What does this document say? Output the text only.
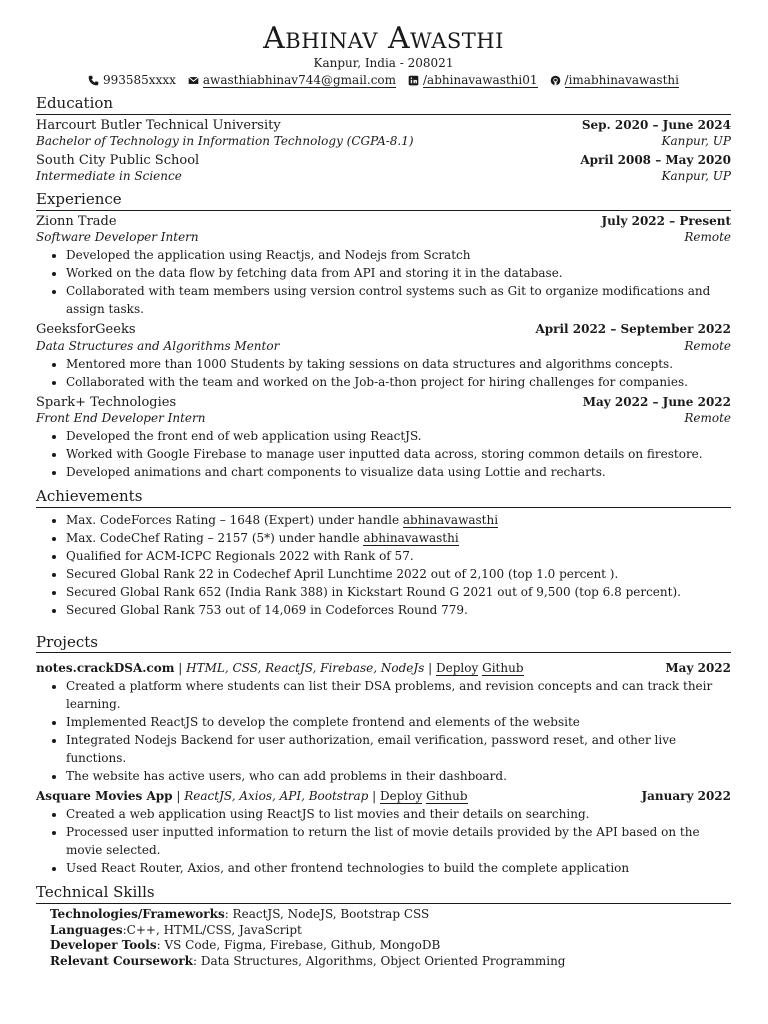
Abhinav Awasthi
Kanpur, India - 208021
993585xxxx awasthiabhinav744@gmail.com /abhinavawasthi01 /imabhinavawasthi
Education
Harcourt Butler Technical University	Sep. 2020 – June 2024
Bachelor of Technology in Information Technology (CGPA-8.1)	Kanpur, UP
South City Public School	April 2008 – May 2020
Intermediate in Science	Kanpur, UP
Experience
Zionn Trade	July 2022 – Present
Software Developer Intern	Remote
• Developed the application using Reactjs, and Nodejs from Scratch
• Worked on the data flow by fetching data from API and storing it in the database.
• Collaborated with team members using version control systems such as Git to organize modifications and assign tasks.
GeeksforGeeks	April 2022 – September 2022
Data Structures and Algorithms Mentor	Remote
• Mentored more than 1000 Students by taking sessions on data structures and algorithms concepts.
• Collaborated with the team and worked on the Job-a-thon project for hiring challenges for companies.
Spark+ Technologies	May 2022 – June 2022
Front End Developer Intern	Remote
• Developed the front end of web application using ReactJS.
• Worked with Google Firebase to manage user inputted data across, storing common details on firestore.
• Developed animations and chart components to visualize data using Lottie and recharts.
Achievements
• Max. CodeForces Rating – 1648 (Expert) under handle abhinavawasthi
• Max. CodeChef Rating – 2157 (5*) under handle abhinavawasthi
• Qualified for ACM-ICPC Regionals 2022 with Rank of 57.
• Secured Global Rank 22 in Codechef April Lunchtime 2022 out of 2,100 (top 1.0 percent ).
• Secured Global Rank 652 (India Rank 388) in Kickstart Round G 2021 out of 9,500 (top 6.8 percent).
• Secured Global Rank 753 out of 14,069 in Codeforces Round 779.
Projects
notes.crackDSA.com | HTML, CSS, ReactJS, Firebase, NodeJs | Deploy Github	May 2022
• Created a platform where students can list their DSA problems, and revision concepts and can track their learning.
• Implemented ReactJS to develop the complete frontend and elements of the website
• Integrated Nodejs Backend for user authorization, email verification, password reset, and other live functions.
• The website has active users, who can add problems in their dashboard.
Asquare Movies App | ReactJS, Axios, API, Bootstrap | Deploy Github	January 2022
• Created a web application using ReactJS to list movies and their details on searching.
• Processed user inputted information to return the list of movie details provided by the API based on the movie selected.
• Used React Router, Axios, and other frontend technologies to build the complete application
Technical Skills
Technologies/Frameworks: ReactJS, NodeJS, Bootstrap CSS
Languages:C++, HTML/CSS, JavaScript
Developer Tools: VS Code, Figma, Firebase, Github, MongoDB
Relevant Coursework: Data Structures, Algorithms, Object Oriented Programming
